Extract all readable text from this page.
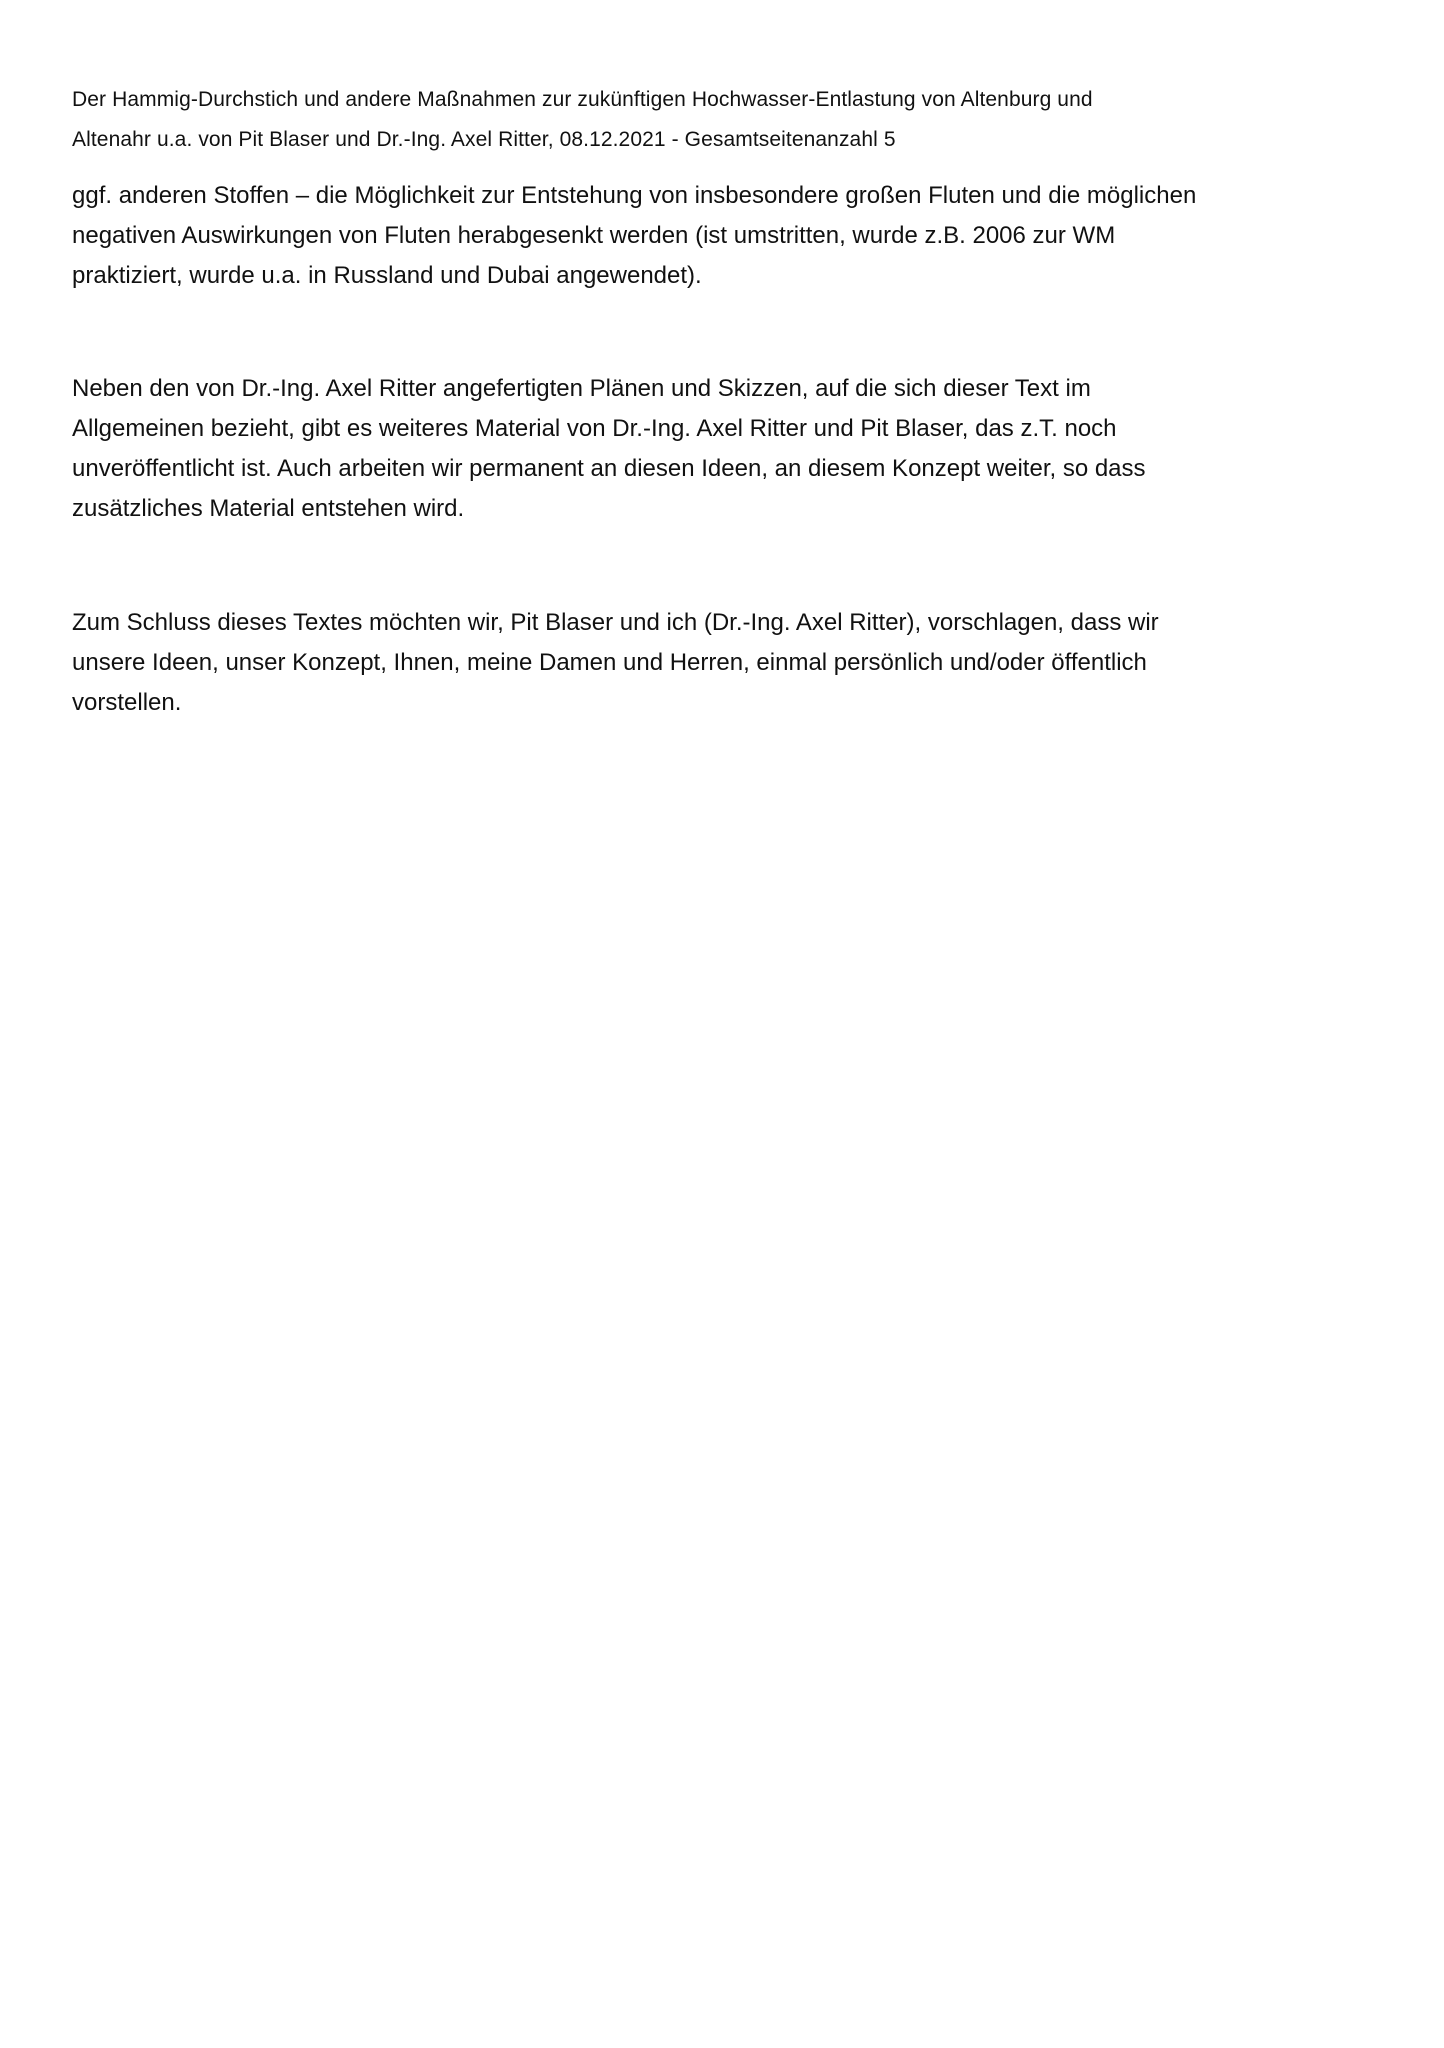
Der Hammig-Durchstich und andere Maßnahmen zur zukünftigen Hochwasser-Entlastung von Altenburg und

Altenahr u.a. von Pit Blaser und Dr.-Ing. Axel Ritter, 08.12.2021 - Gesamtseitenanzahl 5

ggf. anderen Stoffen – die Möglichkeit zur Entstehung von insbesondere großen Fluten und die möglichen

negativen Auswirkungen von Fluten herabgesenkt werden (ist umstritten, wurde z.B. 2006 zur WM

praktiziert, wurde u.a. in Russland und Dubai angewendet).

Neben den von Dr.-Ing. Axel Ritter angefertigten Plänen und Skizzen, auf die sich dieser Text im

Allgemeinen bezieht, gibt es weiteres Material von Dr.-Ing. Axel Ritter und Pit Blaser, das z.T. noch

unveröffentlicht ist. Auch arbeiten wir permanent an diesen Ideen, an diesem Konzept weiter, so dass

zusätzliches Material entstehen wird.

Zum Schluss dieses Textes möchten wir, Pit Blaser und ich (Dr.-Ing. Axel Ritter), vorschlagen, dass wir

unsere Ideen, unser Konzept, Ihnen, meine Damen und Herren, einmal persönlich und/oder öffentlich

vorstellen.
